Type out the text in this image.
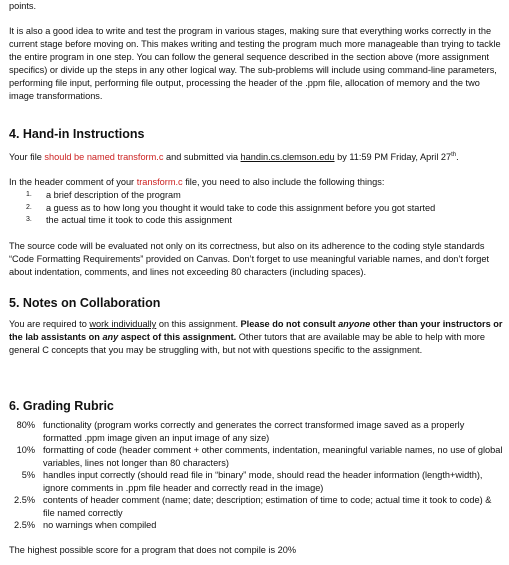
points.

It is also a good idea to write and test the program in various stages, making sure that everything works correctly in the current stage before moving on. This makes writing and testing the program much more manageable than trying to tackle the entire program in one step. You can follow the general sequence described in the section above (more assignment specifics) or divide up the steps in any other logical way. The sub-problems will include using command-line parameters, performing file input, performing file output, processing the header of the .ppm file, allocation of memory and the two image transformations.

4. Hand-in Instructions

Your file should be named transform.c and submitted via handin.cs.clemson.edu by 11:59 PM Friday, April 27th.

In the header comment of your transform.c file, you need to also include the following things:

1. a brief description of the program
2. a guess as to how long you thought it would take to code this assignment before you got started
3. the actual time it took to code this assignment

The source code will be evaluated not only on its correctness, but also on its adherence to the coding style standards “Code Formatting Requirements” provided on Canvas. Don’t forget to use meaningful variable names, and don’t forget about indentation, comments, and lines not exceeding 80 characters (including spaces).

5. Notes on Collaboration

You are required to work individually on this assignment. Please do not consult anyone other than your instructors or the lab assistants on any aspect of this assignment. Other tutors that are available may be able to help with more general C concepts that you may be struggling with, but not with questions specific to the assignment.

6. Grading Rubric
80% functionality (program works correctly and generates the correct transformed image saved as a properly formatted .ppm image given an input image of any size)
10% formatting of code (header comment + other comments, indentation, meaningful variable names, no use of global variables, lines not longer than 80 characters)
5% handles input correctly (should read file in “binary” mode, should read the header information (length+width), ignore comments in .ppm file header and correctly read in the image)
2.5% contents of header comment (name; date; description; estimation of time to code; actual time it took to code) & file named correctly
2.5% no warnings when compiled

The highest possible score for a program that does not compile is 20%
